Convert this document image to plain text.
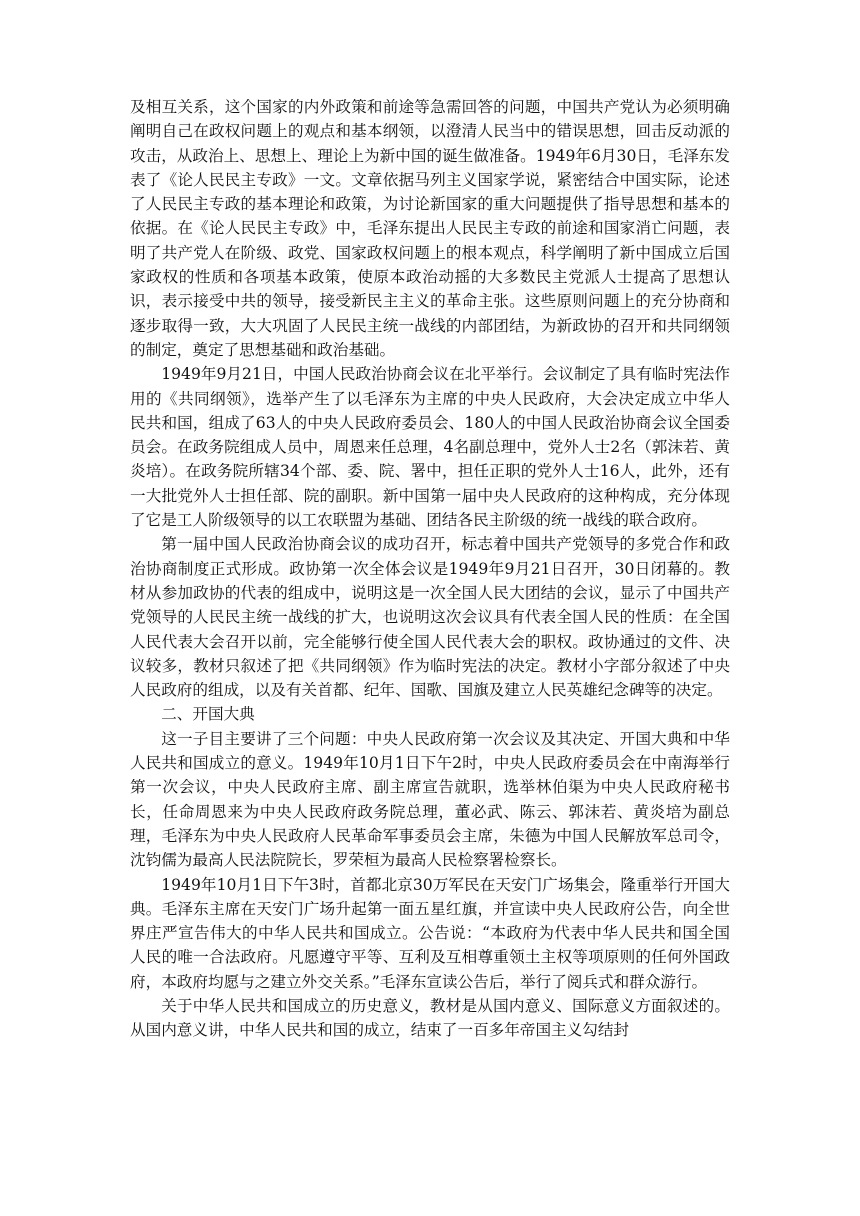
及相互关系，这个国家的内外政策和前途等急需回答的问题，中国共产党认为必须明确阐明自己在政权问题上的观点和基本纲领，以澄清人民当中的错误思想，回击反动派的攻击，从政治上、思想上、理论上为新中国的诞生做准备。1949年6月30日，毛泽东发表了《论人民民主专政》一文。文章依据马列主义国家学说，紧密结合中国实际，论述了人民民主专政的基本理论和政策，为讨论新国家的重大问题提供了指导思想和基本的依据。在《论人民民主专政》中，毛泽东提出人民民主专政的前途和国家消亡问题，表明了共产党人在阶级、政党、国家政权问题上的根本观点，科学阐明了新中国成立后国家政权的性质和各项基本政策，使原本政治动摇的大多数民主党派人士提高了思想认识，表示接受中共的领导，接受新民主主义的革命主张。这些原则问题上的充分协商和逐步取得一致，大大巩固了人民民主统一战线的内部团结，为新政协的召开和共同纲领的制定，奠定了思想基础和政治基础。

1949年9月21日，中国人民政治协商会议在北平举行。会议制定了具有临时宪法作用的《共同纲领》，选举产生了以毛泽东为主席的中央人民政府，大会决定成立中华人民共和国，组成了63人的中央人民政府委员会、180人的中国人民政治协商会议全国委员会。在政务院组成人员中，周恩来任总理，4名副总理中，党外人士2名（郭沫若、黄炎培）。在政务院所辖34个部、委、院、署中，担任正职的党外人士16人，此外，还有一大批党外人士担任部、院的副职。新中国第一届中央人民政府的这种构成，充分体现了它是工人阶级领导的以工农联盟为基础、团结各民主阶级的统一战线的联合政府。

第一届中国人民政治协商会议的成功召开，标志着中国共产党领导的多党合作和政治协商制度正式形成。政协第一次全体会议是1949年9月21日召开，30日闭幕的。教材从参加政协的代表的组成中，说明这是一次全国人民大团结的会议，显示了中国共产党领导的人民民主统一战线的扩大，也说明这次会议具有代表全国人民的性质：在全国人民代表大会召开以前，完全能够行使全国人民代表大会的职权。政协通过的文件、决议较多，教材只叙述了把《共同纲领》作为临时宪法的决定。教材小字部分叙述了中央人民政府的组成，以及有关首都、纪年、国歌、国旗及建立人民英雄纪念碑等的决定。

二、开国大典

这一子目主要讲了三个问题：中央人民政府第一次会议及其决定、开国大典和中华人民共和国成立的意义。1949年10月1日下午2时，中央人民政府委员会在中南海举行第一次会议，中央人民政府主席、副主席宣告就职，选举林伯渠为中央人民政府秘书长，任命周恩来为中央人民政府政务院总理，董必武、陈云、郭沫若、黄炎培为副总理，毛泽东为中央人民政府人民革命军事委员会主席，朱德为中国人民解放军总司令，沈钧儒为最高人民法院院长，罗荣桓为最高人民检察署检察长。

1949年10月1日下午3时，首都北京30万军民在天安门广场集会，隆重举行开国大典。毛泽东主席在天安门广场升起第一面五星红旗，并宣读中央人民政府公告，向全世界庄严宣告伟大的中华人民共和国成立。公告说：“本政府为代表中华人民共和国全国人民的唯一合法政府。凡愿遵守平等、互利及互相尊重领土主权等项原则的任何外国政府，本政府均愿与之建立外交关系。”毛泽东宣读公告后，举行了阅兵式和群众游行。

关于中华人民共和国成立的历史意义，教材是从国内意义、国际意义方面叙述的。从国内意义讲，中华人民共和国的成立，结束了一百多年帝国主义勾结封
